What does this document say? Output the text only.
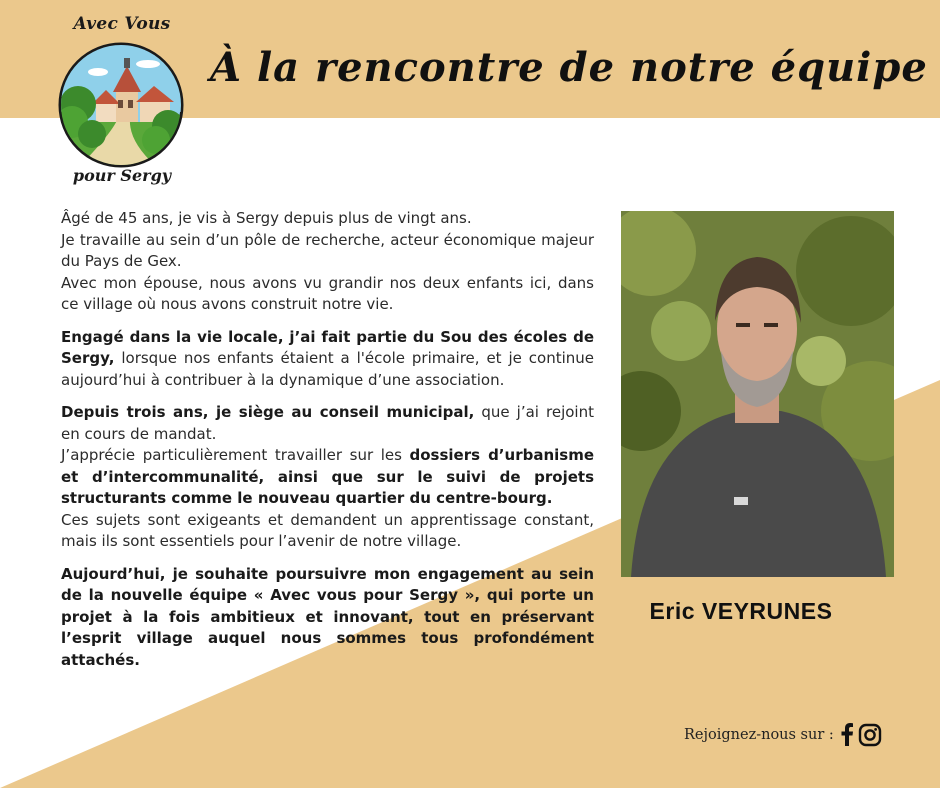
Avec Vous
pour Sergy
À la rencontre de notre équipe

Âgé de 45 ans, je vis à Sergy depuis plus de vingt ans.
Je travaille au sein d’un pôle de recherche, acteur économique majeur du Pays de Gex.
Avec mon épouse, nous avons vu grandir nos deux enfants ici, dans ce village où nous avons construit notre vie.

Engagé dans la vie locale, j’ai fait partie du Sou des écoles de Sergy, lorsque nos enfants étaient a l'école primaire, et je continue aujourd’hui à contribuer à la dynamique d’une association.

Depuis trois ans, je siège au conseil municipal, que j’ai rejoint en cours de mandat.
J’apprécie particulièrement travailler sur les dossiers d’urbanisme et d’intercommunalité, ainsi que sur le suivi de projets structurants comme le nouveau quartier du centre-bourg.
Ces sujets sont exigeants et demandent un apprentissage constant, mais ils sont essentiels pour l’avenir de notre village.

Aujourd’hui, je souhaite poursuivre mon engagement au sein de la nouvelle équipe « Avec vous pour Sergy », qui porte un projet à la fois ambitieux et innovant, tout en préservant l’esprit village auquel nous sommes tous profondément attachés.

Eric VEYRUNES
Rejoignez-nous sur :
